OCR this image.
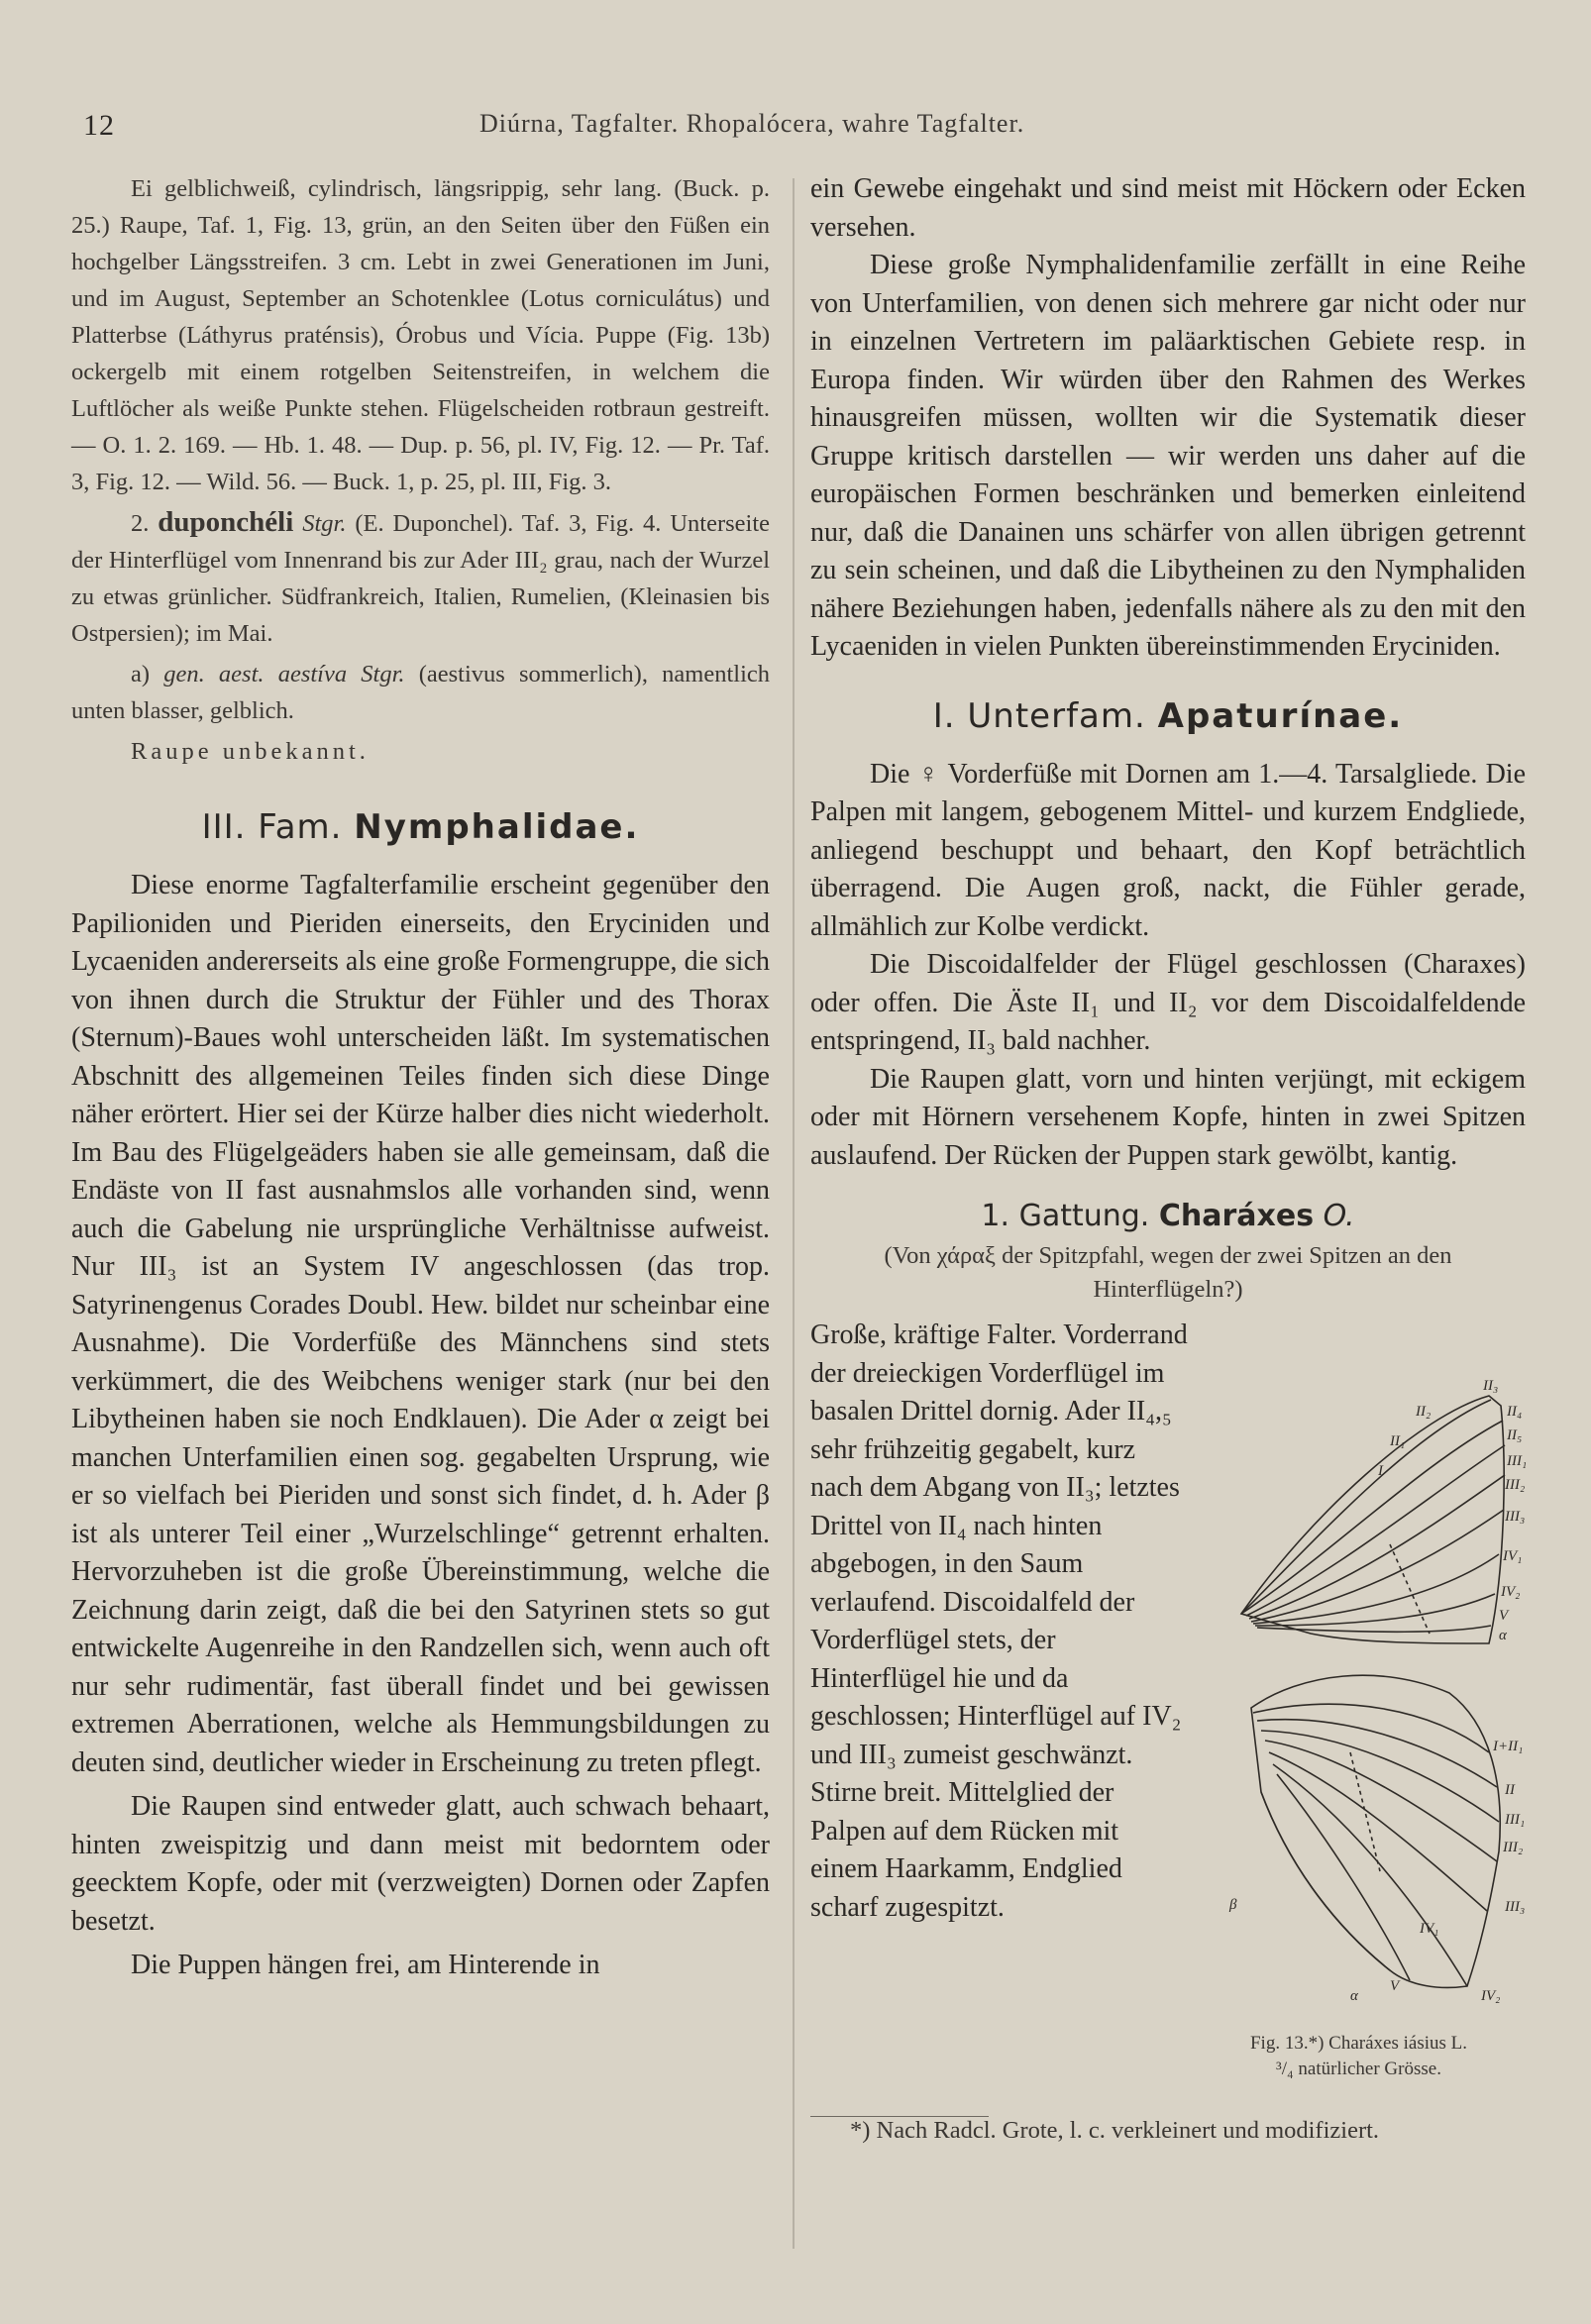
12	Diúrna, Tagfalter. Rhopalócera, wahre Tagfalter.

Ei gelblichweiß, cylindrisch, längsrippig, sehr lang. (Buck. p. 25.) Raupe, Taf. 1, Fig. 13, grün, an den Seiten über den Füßen ein hochgelber Längsstreifen. 3 cm. Lebt in zwei Generationen im Juni, und im August, September an Schotenklee (Lotus corniculátus) und Platterbse (Láthyrus praténsis), Órobus und Vícia. Puppe (Fig. 13b) ockergelb mit einem rotgelben Seitenstreifen, in welchem die Luftlöcher als weiße Punkte stehen. Flügelscheiden rotbraun gestreift. — O. 1. 2. 169. — Hb. 1. 48. — Dup. p. 56, pl. IV, Fig. 12. — Pr. Taf. 3, Fig. 12. — Wild. 56. — Buck. 1, p. 25, pl. III, Fig. 3.

2. duponchéli Stgr. (E. Duponchel). Taf. 3, Fig. 4. Unterseite der Hinterflügel vom Innenrand bis zur Ader III₂ grau, nach der Wurzel zu etwas grünlicher. Südfrankreich, Italien, Rumelien, (Kleinasien bis Ostpersien); im Mai.

a) gen. aest. aestíva Stgr. (aestivus sommerlich), namentlich unten blasser, gelblich.

Raupe unbekannt.

III. Fam. Nymphalidae.

Diese enorme Tagfalterfamilie erscheint gegenüber den Papilioniden und Pieriden einerseits, den Eryciniden und Lycaeniden andererseits als eine große Formengruppe, die sich von ihnen durch die Struktur der Fühler und des Thorax (Sternum)-Baues wohl unterscheiden läßt. Im systematischen Abschnitt des allgemeinen Teiles finden sich diese Dinge näher erörtert. Hier sei der Kürze halber dies nicht wiederholt. Im Bau des Flügelgeäders haben sie alle gemeinsam, daß die Endäste von II fast ausnahmslos alle vorhanden sind, wenn auch die Gabelung nie ursprüngliche Verhältnisse aufweist. Nur III₃ ist an System IV angeschlossen (das trop. Satyrinengenus Corades Doubl. Hew. bildet nur scheinbar eine Ausnahme). Die Vorderfüße des Männchens sind stets verkümmert, die des Weibchens weniger stark (nur bei den Libytheinen haben sie noch Endklauen). Die Ader α zeigt bei manchen Unterfamilien einen sog. gegabelten Ursprung, wie er so vielfach bei Pieriden und sonst sich findet, d. h. Ader β ist als unterer Teil einer „Wurzelschlinge“ getrennt erhalten. Hervorzuheben ist die große Übereinstimmung, welche die Zeichnung darin zeigt, daß die bei den Satyrinen stets so gut entwickelte Augenreihe in den Randzellen sich, wenn auch oft nur sehr rudimentär, fast überall findet und bei gewissen extremen Aberrationen, welche als Hemmungsbildungen zu deuten sind, deutlicher wieder in Erscheinung zu treten pflegt.

Die Raupen sind entweder glatt, auch schwach behaart, hinten zweispitzig und dann meist mit bedorntem oder geecktem Kopfe, oder mit (verzweigten) Dornen oder Zapfen besetzt.

Die Puppen hängen frei, am Hinterende in

ein Gewebe eingehakt und sind meist mit Höckern oder Ecken versehen.

Diese große Nymphalidenfamilie zerfällt in eine Reihe von Unterfamilien, von denen sich mehrere gar nicht oder nur in einzelnen Vertretern im paläarktischen Gebiete resp. in Europa finden. Wir würden über den Rahmen des Werkes hinausgreifen müssen, wollten wir die Systematik dieser Gruppe kritisch darstellen — wir werden uns daher auf die europäischen Formen beschränken und bemerken einleitend nur, daß die Danainen uns schärfer von allen übrigen getrennt zu sein scheinen, und daß die Libytheinen zu den Nymphaliden nähere Beziehungen haben, jedenfalls nähere als zu den mit den Lycaeniden in vielen Punkten übereinstimmenden Eryciniden.

I. Unterfam. Apaturínae.

Die ♀ Vorderfüße mit Dornen am 1.—4. Tarsalgliede. Die Palpen mit langem, gebogenem Mittel- und kurzem Endgliede, anliegend beschuppt und behaart, den Kopf beträchtlich überragend. Die Augen groß, nackt, die Fühler gerade, allmählich zur Kolbe verdickt.

Die Discoidalfelder der Flügel geschlossen (Charaxes) oder offen. Die Äste II₁ und II₂ vor dem Discoidalfeldende entspringend, II₃ bald nachher.

Die Raupen glatt, vorn und hinten verjüngt, mit eckigem oder mit Hörnern versehenem Kopfe, hinten in zwei Spitzen auslaufend. Der Rücken der Puppen stark gewölbt, kantig.

1. Gattung. Charáxes O.
(Von χάραξ der Spitzpfahl, wegen der zwei Spitzen an den Hinterflügeln?)

Große, kräftige Falter. Vorderrand der dreieckigen Vorderflügel im basalen Drittel dornig. Ader II₄,₅ sehr frühzeitig gegabelt, kurz nach dem Abgang von II₃; letztes Drittel von II₄ nach hinten abgebogen, in den Saum verlaufend. Discoidalfeld der Vorderflügel stets, der Hinterflügel hie und da geschlossen; Hinterflügel auf IV₂ und III₃ zumeist geschwänzt. Stirne breit. Mittelglied der Palpen auf dem Rücken mit einem Haarkamm, Endglied scharf zugespitzt.

II₃
II₂
II₁
I
II₄
II₅
III₁
III₂
III₃
IV₁
IV₂
V
α
I+II₁
II
III₁
III₂
III₃
IV₁
IV₂
β
α
V
Fig. 13.*) Charáxes iásius L.
³/₄ natürlicher Grösse.
*) Nach Radcl. Grote, l. c. verkleinert und modifiziert.
